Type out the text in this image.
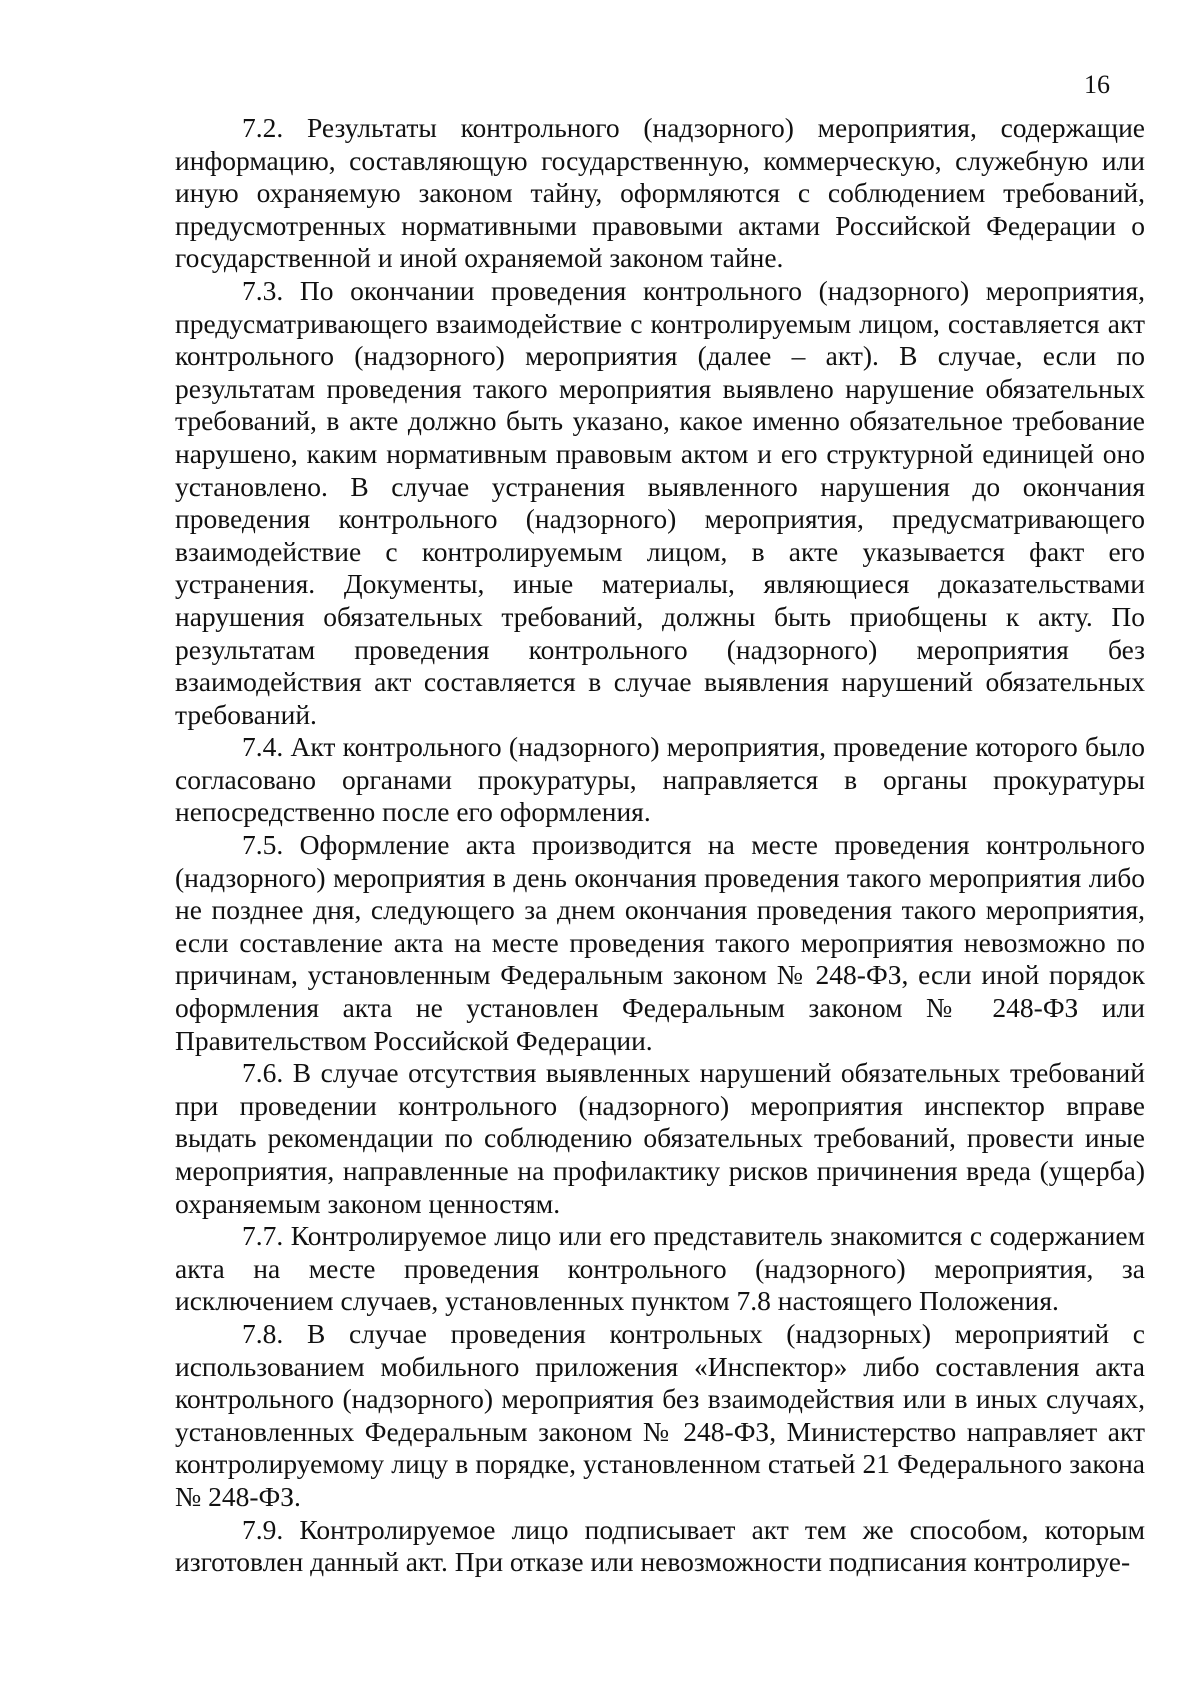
16

7.2. Результаты контрольного (надзорного) мероприятия, содержащие информацию, составляющую государственную, коммерческую, служебную или иную охраняемую законом тайну, оформляются с соблюдением требований, предусмотренных нормативными правовыми актами Российской Федерации о государственной и иной охраняемой законом тайне.

7.3. По окончании проведения контрольного (надзорного) мероприятия, предусматривающего взаимодействие с контролируемым лицом, составляется акт контрольного (надзорного) мероприятия (далее – акт). В случае, если по результатам проведения такого мероприятия выявлено нарушение обязательных требований, в акте должно быть указано, какое именно обязательное требование нарушено, каким нормативным правовым актом и его структурной единицей оно установлено. В случае устранения выявленного нарушения до окончания проведения контрольного (надзорного) мероприятия, предусматривающего взаимодействие с контролируемым лицом, в акте указывается факт его устранения. Документы, иные материалы, являющиеся доказательствами нарушения обязательных требований, должны быть приобщены к акту. По результатам проведения контрольного (надзорного) мероприятия без взаимодействия акт составляется в случае выявления нарушений обязательных требований.

7.4. Акт контрольного (надзорного) мероприятия, проведение которого было согласовано органами прокуратуры, направляется в органы прокуратуры непосредственно после его оформления.

7.5. Оформление акта производится на месте проведения контрольного (надзорного) мероприятия в день окончания проведения такого мероприятия либо не позднее дня, следующего за днем окончания проведения такого мероприятия, если составление акта на месте проведения такого мероприятия невозможно по причинам, установленным Федеральным законом № 248-ФЗ, если иной порядок оформления акта не установлен Федеральным законом № 248-ФЗ или Правительством Российской Федерации.

7.6. В случае отсутствия выявленных нарушений обязательных требований при проведении контрольного (надзорного) мероприятия инспектор вправе выдать рекомендации по соблюдению обязательных требований, провести иные мероприятия, направленные на профилактику рисков причинения вреда (ущерба) охраняемым законом ценностям.

7.7. Контролируемое лицо или его представитель знакомится с содержанием акта на месте проведения контрольного (надзорного) мероприятия, за исключением случаев, установленных пунктом 7.8 настоящего Положения.

7.8. В случае проведения контрольных (надзорных) мероприятий с использованием мобильного приложения «Инспектор» либо составления акта контрольного (надзорного) мероприятия без взаимодействия или в иных случаях, установленных Федеральным законом № 248-ФЗ, Министерство направляет акт контролируемому лицу в порядке, установленном статьей 21 Федерального закона № 248-ФЗ.

7.9. Контролируемое лицо подписывает акт тем же способом, которым изготовлен данный акт. При отказе или невозможности подписания контролируе-
